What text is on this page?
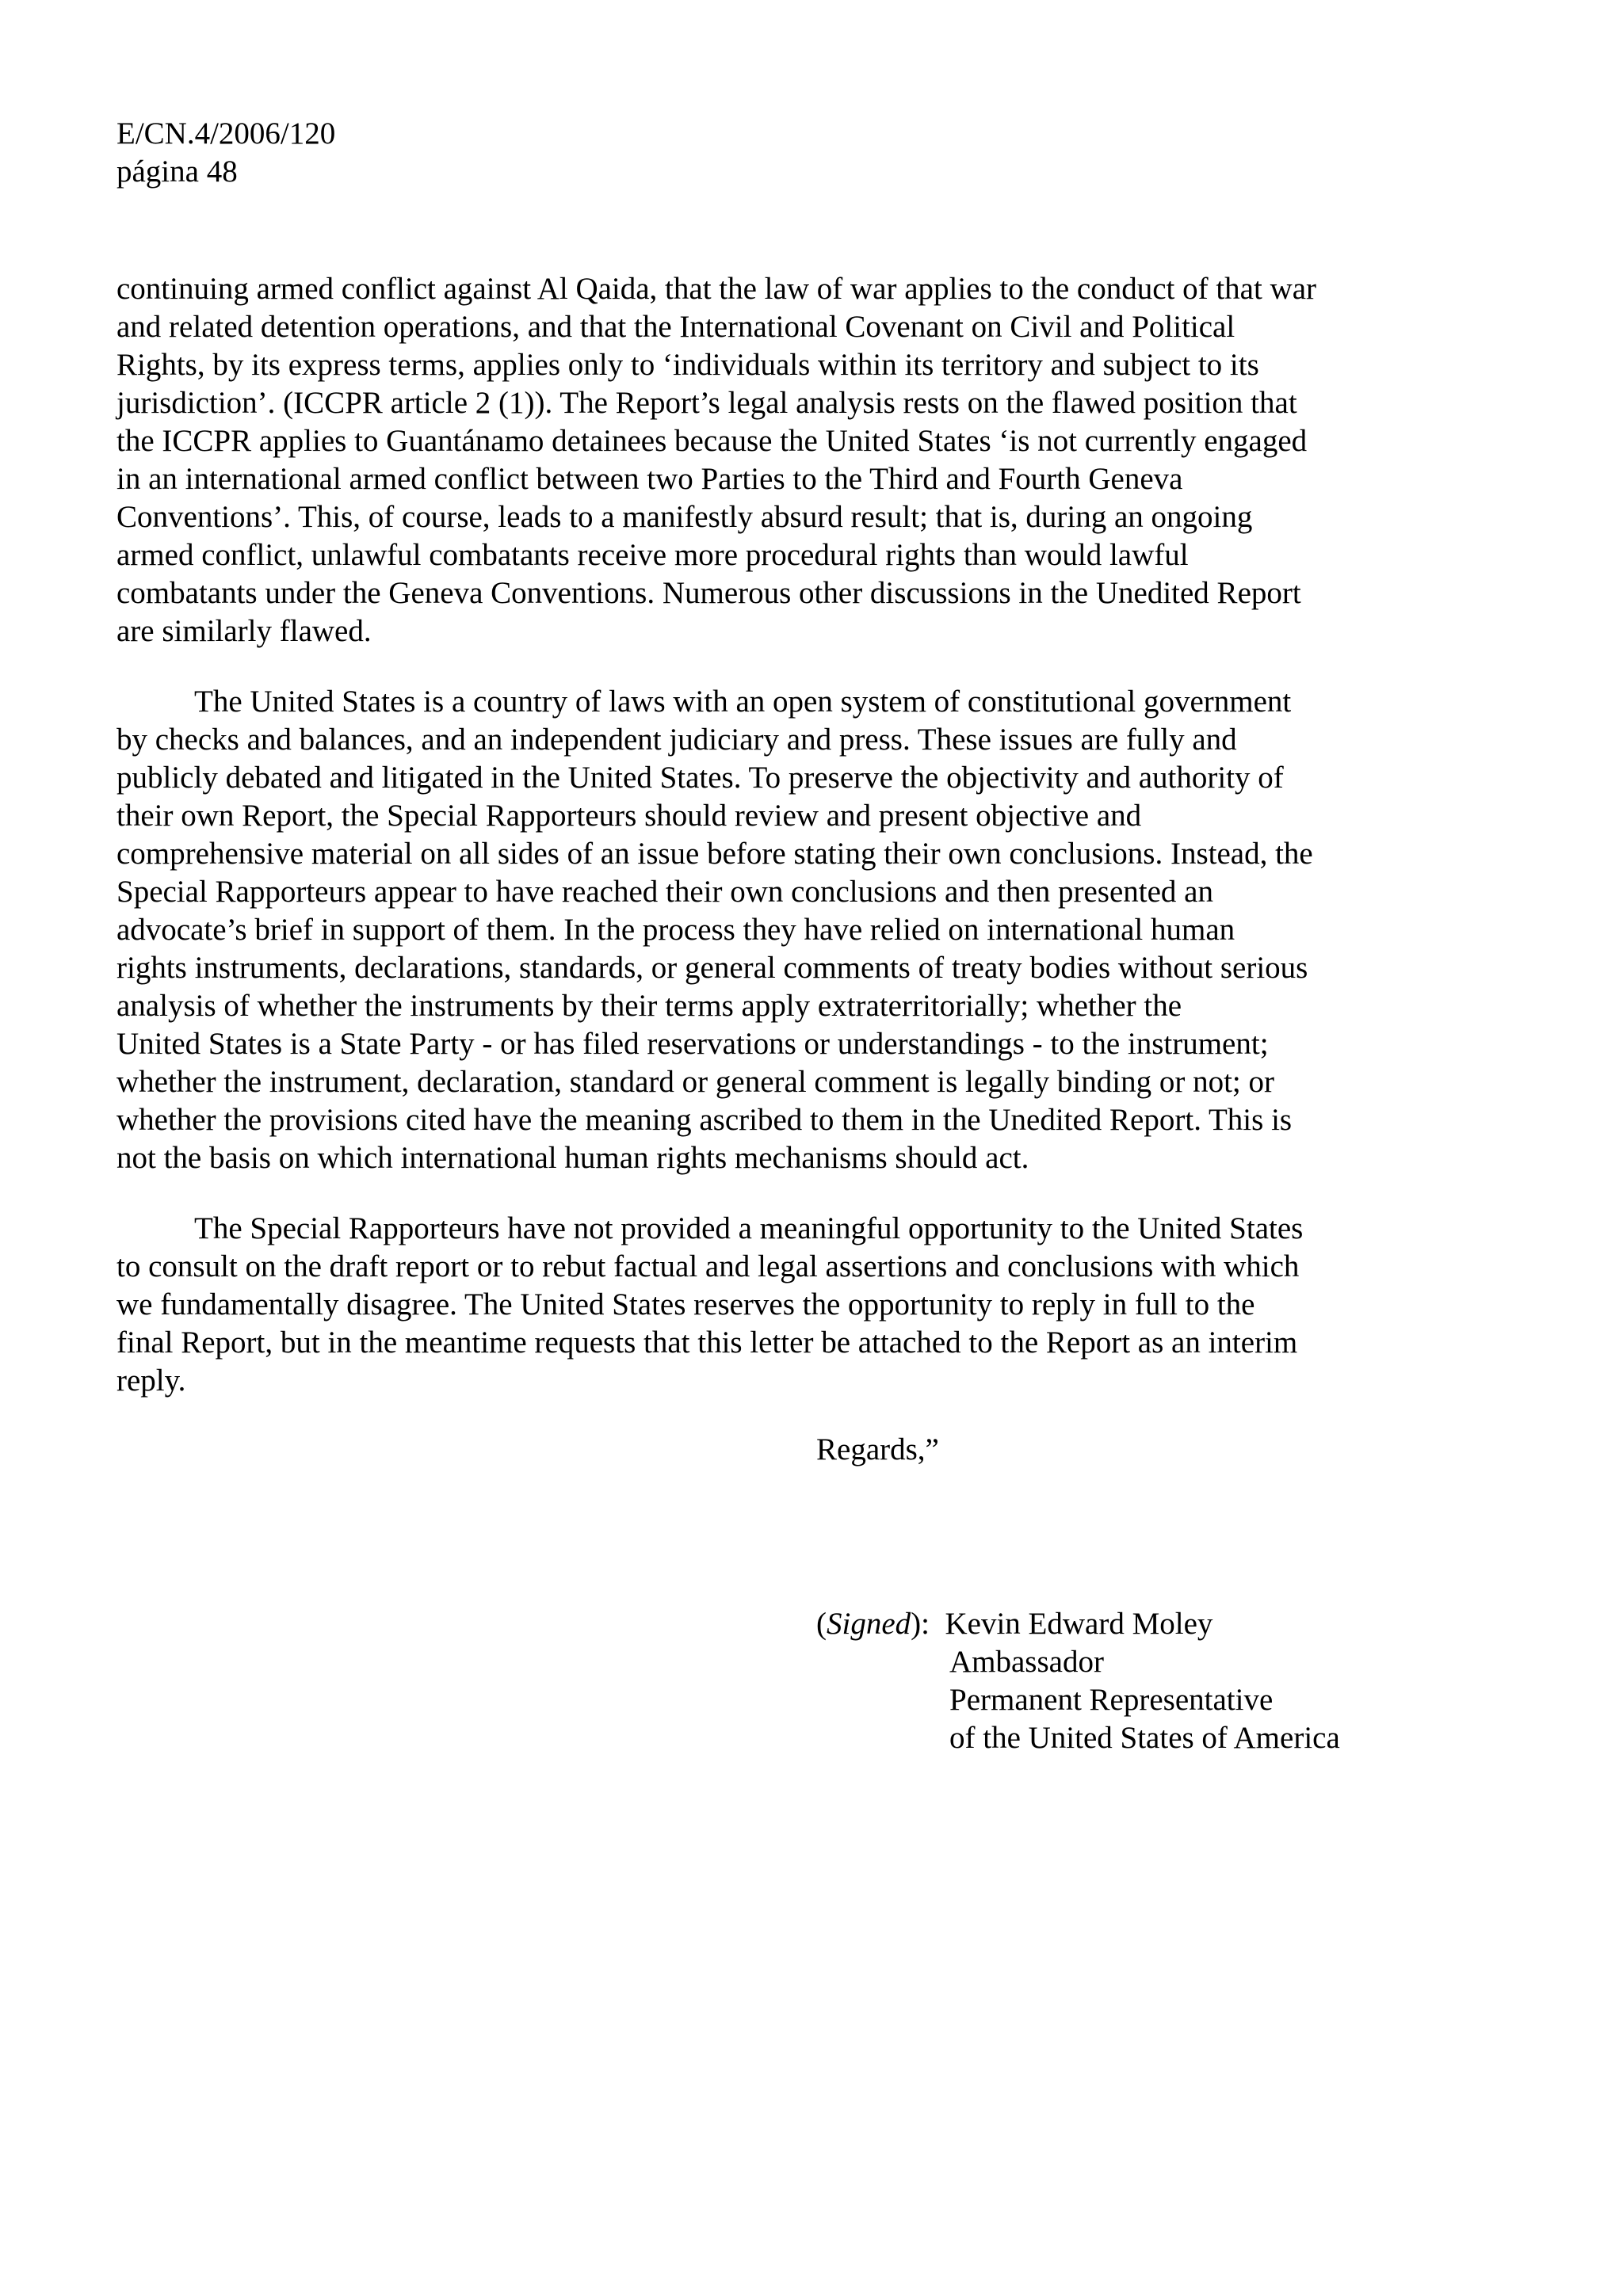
E/CN.4/2006/120
página 48
continuing armed conflict against Al Qaida, that the law of war applies to the conduct of that war
and related detention operations, and that the International Covenant on Civil and Political
Rights, by its express terms, applies only to ‘individuals within its territory and subject to its
jurisdiction’. (ICCPR article 2 (1)). The Report’s legal analysis rests on the flawed position that
the ICCPR applies to Guantánamo detainees because the United States ‘is not currently engaged
in an international armed conflict between two Parties to the Third and Fourth Geneva
Conventions’. This, of course, leads to a manifestly absurd result; that is, during an ongoing
armed conflict, unlawful combatants receive more procedural rights than would lawful
combatants under the Geneva Conventions. Numerous other discussions in the Unedited Report
are similarly flawed.
The United States is a country of laws with an open system of constitutional government
by checks and balances, and an independent judiciary and press. These issues are fully and
publicly debated and litigated in the United States. To preserve the objectivity and authority of
their own Report, the Special Rapporteurs should review and present objective and
comprehensive material on all sides of an issue before stating their own conclusions. Instead, the
Special Rapporteurs appear to have reached their own conclusions and then presented an
advocate’s brief in support of them. In the process they have relied on international human
rights instruments, declarations, standards, or general comments of treaty bodies without serious
analysis of whether the instruments by their terms apply extraterritorially; whether the
United States is a State Party - or has filed reservations or understandings - to the instrument;
whether the instrument, declaration, standard or general comment is legally binding or not; or
whether the provisions cited have the meaning ascribed to them in the Unedited Report. This is
not the basis on which international human rights mechanisms should act.
The Special Rapporteurs have not provided a meaningful opportunity to the United States
to consult on the draft report or to rebut factual and legal assertions and conclusions with which
we fundamentally disagree. The United States reserves the opportunity to reply in full to the
final Report, but in the meantime requests that this letter be attached to the Report as an interim
reply.
Regards,”
(Signed):  Kevin Edward Moley
Ambassador
Permanent Representative
of the United States of America
